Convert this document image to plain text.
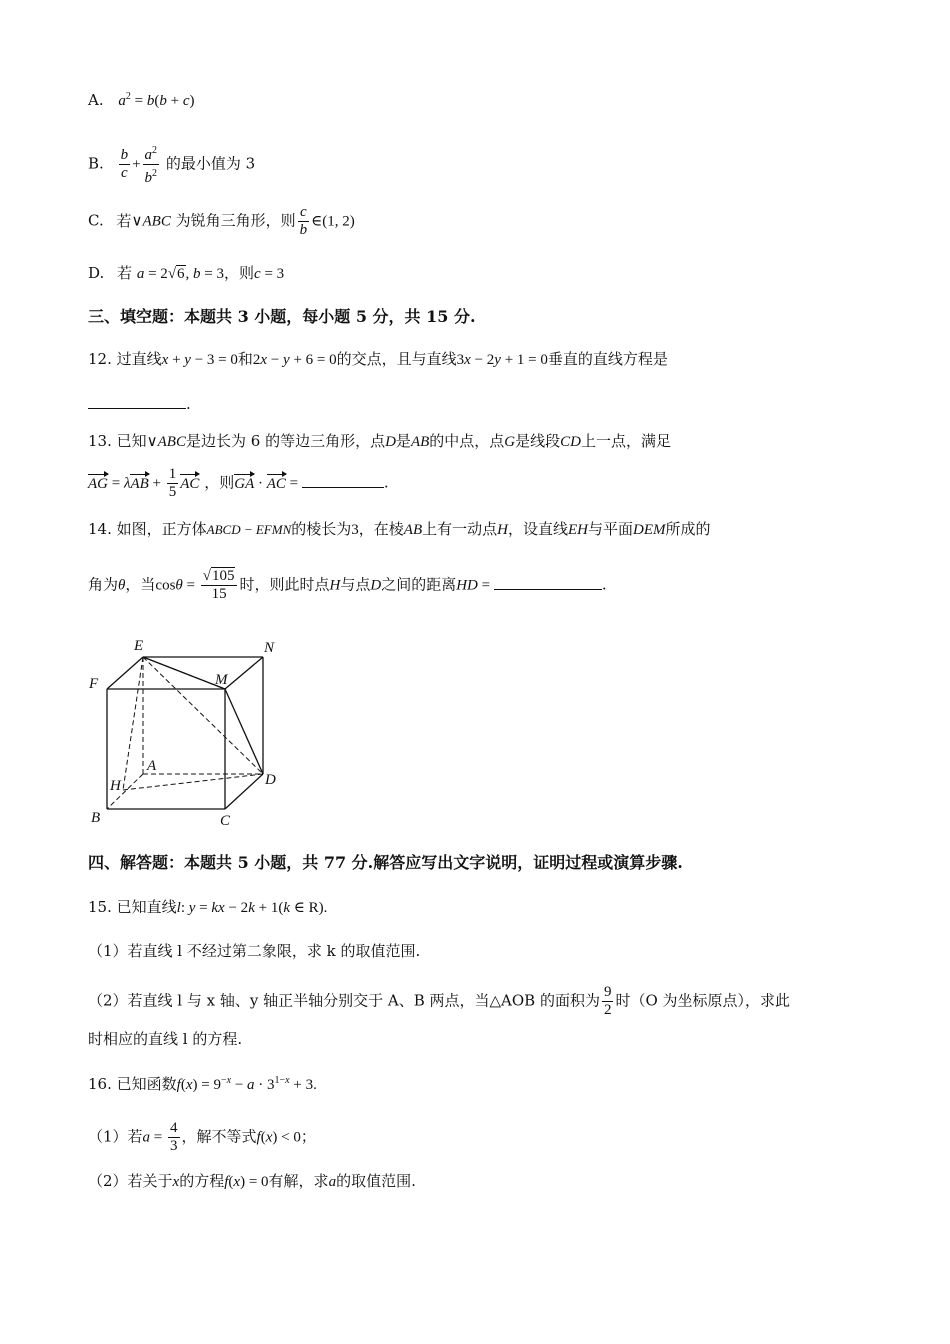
A. $a^2 = b(b + c)$
B. $\frac{b}{c} + \frac{a^2}{b^2}$ 的最小值为 3
C. 若∨ABC 为锐角三角形，则 $\frac{c}{b}$ ∈(1, 2)
D. 若 a = 2√6, b = 3，则c = 3
三、填空题：本题共 3 小题，每小题 5 分，共 15 分.
12. 过直线x + y − 3 = 0和2x − y + 6 = 0的交点，且与直线3x − 2y + 1 = 0垂直的直线方程是
.
13. 已知∨ABC是边长为 6 的等边三角形，点D是AB的中点，点G是线段CD上一点，满足
AG = $\lambda AB + \frac{1}{5}$ AC ，则GA · AC =	.
14. 如图，正方体ABCD − EFMN的棱长为3，在棱AB上有一动点H，设直线EH与平面DEM所成的
角为θ，当$\cos\theta = \frac{√105}{15}$ 时，则此时点H与点D之间的距离HD =	.
E	N
F	M
A
H	D
B	C
四、解答题：本题共 5 小题，共 77 分.解答应写出文字说明，证明过程或演算步骤.
15. 已知直线l: y = kx − 2k + 1(k ∈ R).
（1）若直线 l 不经过第二象限，求 k 的取值范围.
（2）若直线 l 与 x 轴、y 轴正半轴分别交于 A、B 两点，当△AOB 的面积为 $\frac{9}{2}$ 时（O 为坐标原点），求此
时相应的直线 l 的方程.
16. 已知函数$f(x) = 9^{-x} - a \cdot 3^{1-x} + 3$.
（1）若$a = \frac{4}{3}$ ，解不等式f(x) < 0；
（2）若关于x的方程f(x) = 0有解，求a的取值范围.
